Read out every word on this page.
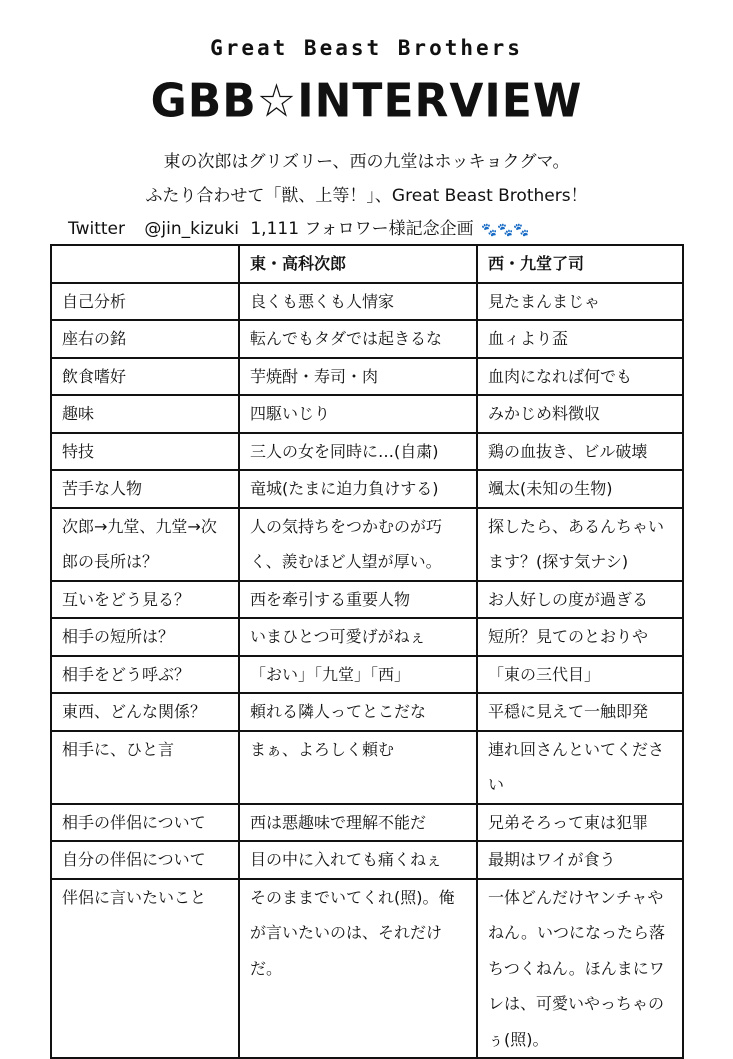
Great Beast Brothers
GBB☆INTERVIEW
東の次郎はグリズリー、西の九堂はホッキョクグマ。
ふたり合わせて「獣、上等！」、Great Beast Brothers！
Twitter @jin_kizuki 1,111 フォロワー様記念企画 🐾🐾🐾
	東・高科次郎	西・九堂了司
自己分析	良くも悪くも人情家	見たまんまじゃ
座右の銘	転んでもタダでは起きるな	血ィより盃
飲食嗜好	芋焼酎・寿司・肉	血肉になれば何でも
趣味	四駆いじり	みかじめ料徴収
特技	三人の女を同時に…(自粛)	鶏の血抜き、ビル破壊
苦手な人物	竜城(たまに迫力負けする)	颯太(未知の生物)
次郎→九堂、九堂→次郎の長所は？	人の気持ちをつかむのが巧く、羨むほど人望が厚い。	探したら、あるんちゃいます？(探す気ナシ)
互いをどう見る？	西を牽引する重要人物	お人好しの度が過ぎる
相手の短所は？	いまひとつ可愛げがねぇ	短所？見てのとおりや
相手をどう呼ぶ？	「おい」「九堂」「西」	「東の三代目」
東西、どんな関係？	頼れる隣人ってとこだな	平穏に見えて一触即発
相手に、ひと言	まぁ、よろしく頼む	連れ回さんといてください
相手の伴侶について	西は悪趣味で理解不能だ	兄弟そろって東は犯罪
自分の伴侶について	目の中に入れても痛くねぇ	最期はワイが食う
伴侶に言いたいこと	そのままでいてくれ(照)。俺が言いたいのは、それだけだ。	一体どんだけヤンチャやねん。いつになったら落ちつくねん。ほんまにワレは、可愛いやっちゃのぅ(照)。
